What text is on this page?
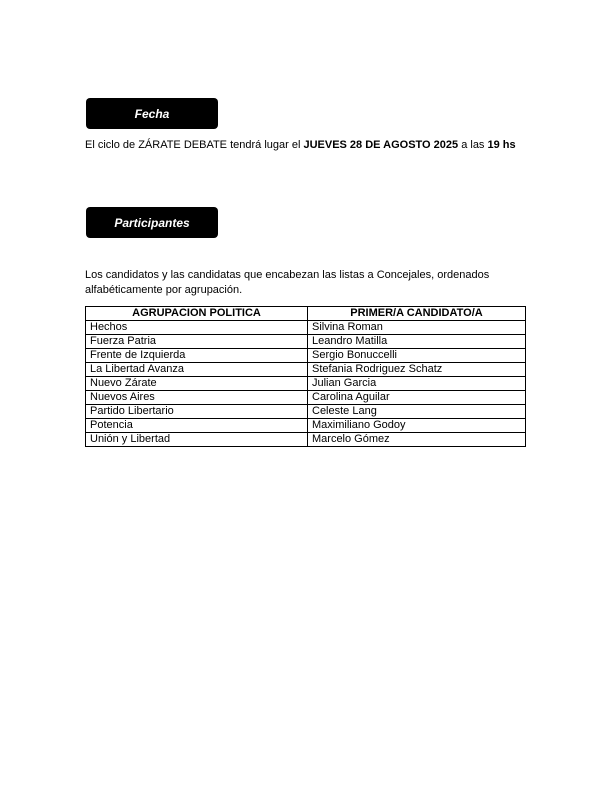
Fecha
El ciclo de ZÁRATE DEBATE tendrá lugar el JUEVES 28 DE AGOSTO 2025 a las 19 hs
Participantes
Los candidatos y las candidatas que encabezan las listas a Concejales, ordenados alfabéticamente por agrupación.
AGRUPACION POLITICA	PRIMER/A CANDIDATO/A
Hechos	Silvina Roman
Fuerza Patria	Leandro Matilla
Frente de Izquierda	Sergio Bonuccelli
La Libertad Avanza	Stefania Rodriguez Schatz
Nuevo Zárate	Julian Garcia
Nuevos Aires	Carolina Aguilar
Partido Libertario	Celeste Lang
Potencia	Maximiliano Godoy
Unión y Libertad	Marcelo Gómez
